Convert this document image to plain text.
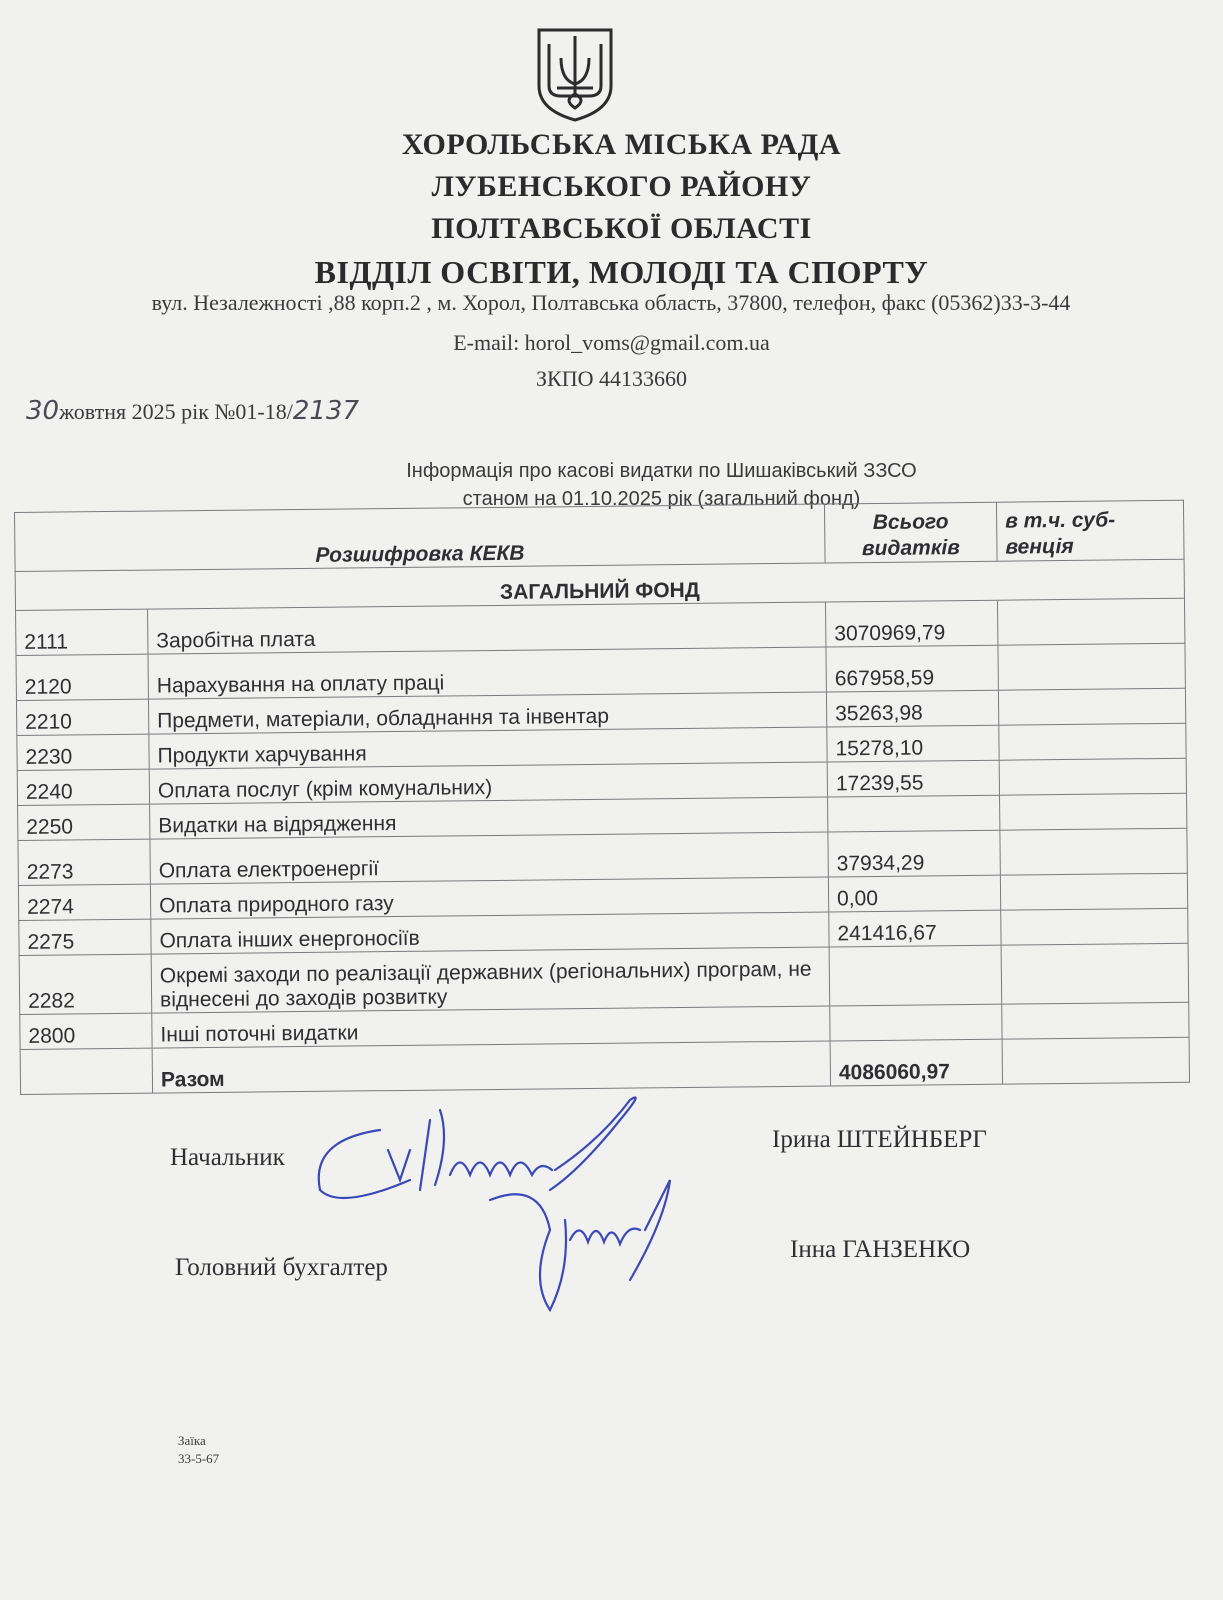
ХОРОЛЬСЬКА МІСЬКА РАДА
ЛУБЕНСЬКОГО РАЙОНУ
ПОЛТАВСЬКОЇ ОБЛАСТІ
ВІДДІЛ ОСВІТИ, МОЛОДІ ТА СПОРТУ
вул. Незалежності ,88 корп.2 , м. Хорол, Полтавська область, 37800, телефон, факс (05362)33-3-44
E-mail: horol_voms@gmail.com.ua
ЗКПО 44133660
30жовтня 2025 рік №01-18/2137
Інформація про касові видатки по Шишаківський ЗЗСО
станом на 01.10.2025 рік (загальний фонд)
Розшифровка КЕКВ		Всього видатків	в т.ч. суб-венція
ЗАГАЛЬНИЙ ФОНД			
2111	Заробітна плата	3070969,79	
2120	Нарахування на оплату праці	667958,59	
2210	Предмети, матеріали, обладнання та інвентар	35263,98	
2230	Продукти харчування	15278,10	
2240	Оплата послуг (крім комунальних)	17239,55	
2250	Видатки на відрядження		
2273	Оплата електроенергії	37934,29	
2274	Оплата природного газу	0,00	
2275	Оплата інших енергоносіїв	241416,67	
2282	Окремі заходи по реалізації державних (регіональних) програм, не віднесені до заходів розвитку		
2800	Інші поточні видатки		
	Разом	4086060,97	
Начальник
Ірина ШТЕЙНБЕРГ
Головний бухгалтер
Інна ГАНЗЕНКО
Заїка
33-5-67
